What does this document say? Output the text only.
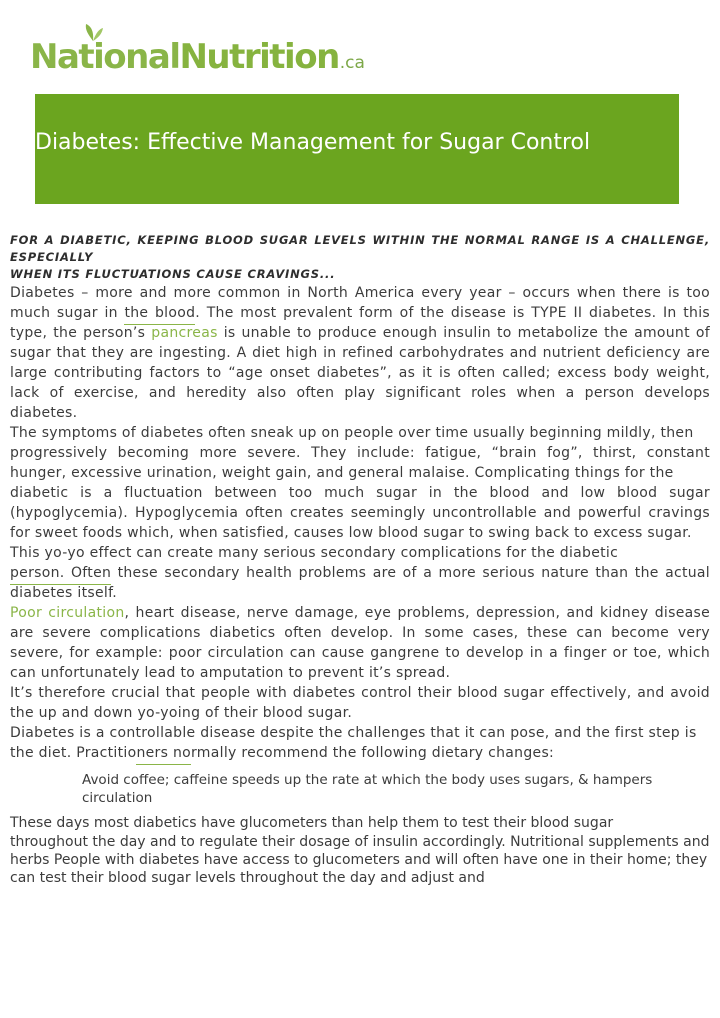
NationalNutrition.ca
Diabetes: Effective Management for Sugar Control

FOR A DIABETIC, KEEPING BLOOD SUGAR LEVELS WITHIN THE NORMAL RANGE IS A CHALLENGE, ESPECIALLY

WHEN ITS FLUCTUATIONS CAUSE CRAVINGS...

Diabetes – more and more common in North America every year – occurs when there is too much sugar in the blood. The most prevalent form of the disease is TYPE II diabetes. In this type, the person’s pancreas is unable to produce enough insulin to metabolize the amount of sugar that they are ingesting. A diet high in refined carbohydrates and nutrient deficiency are large contributing factors to “age onset diabetes”, as it is often called; excess body weight, lack of exercise, and heredity also often play significant roles when a person develops diabetes.

The symptoms of diabetes often sneak up on people over time usually beginning mildly, then

progressively becoming more severe. They include: fatigue, “brain fog”, thirst, constant hunger, excessive urination, weight gain, and general malaise. Complicating things for the

diabetic is a fluctuation between too much sugar in the blood and low blood sugar (hypoglycemia). Hypoglycemia often creates seemingly uncontrollable and powerful cravings for sweet foods which, when satisfied, causes low blood sugar to swing back to excess sugar.

This yo-yo effect can create many serious secondary complications for the diabetic

person. Often these secondary health problems are of a more serious nature than the actual diabetes itself.

Poor circulation, heart disease, nerve damage, eye problems, depression, and kidney disease are severe complications diabetics often develop. In some cases, these can become very severe, for example: poor circulation can cause gangrene to develop in a finger or toe, which can unfortunately lead to amputation to prevent it’s spread.

It’s therefore crucial that people with diabetes control their blood sugar effectively, and avoid the up and down yo-yoing of their blood sugar.

Diabetes is a controllable disease despite the challenges that it can pose, and the first step is

the diet. Practitioners normally recommend the following dietary changes:

Avoid coffee; caffeine speeds up the rate at which the body uses sugars, & hampers circulation

These days most diabetics have glucometers than help them to test their blood sugar

throughout the day and to regulate their dosage of insulin accordingly. Nutritional supplements and herbs People with diabetes have access to glucometers and will often have one in their home; they can test their blood sugar levels throughout the day and adjust and
